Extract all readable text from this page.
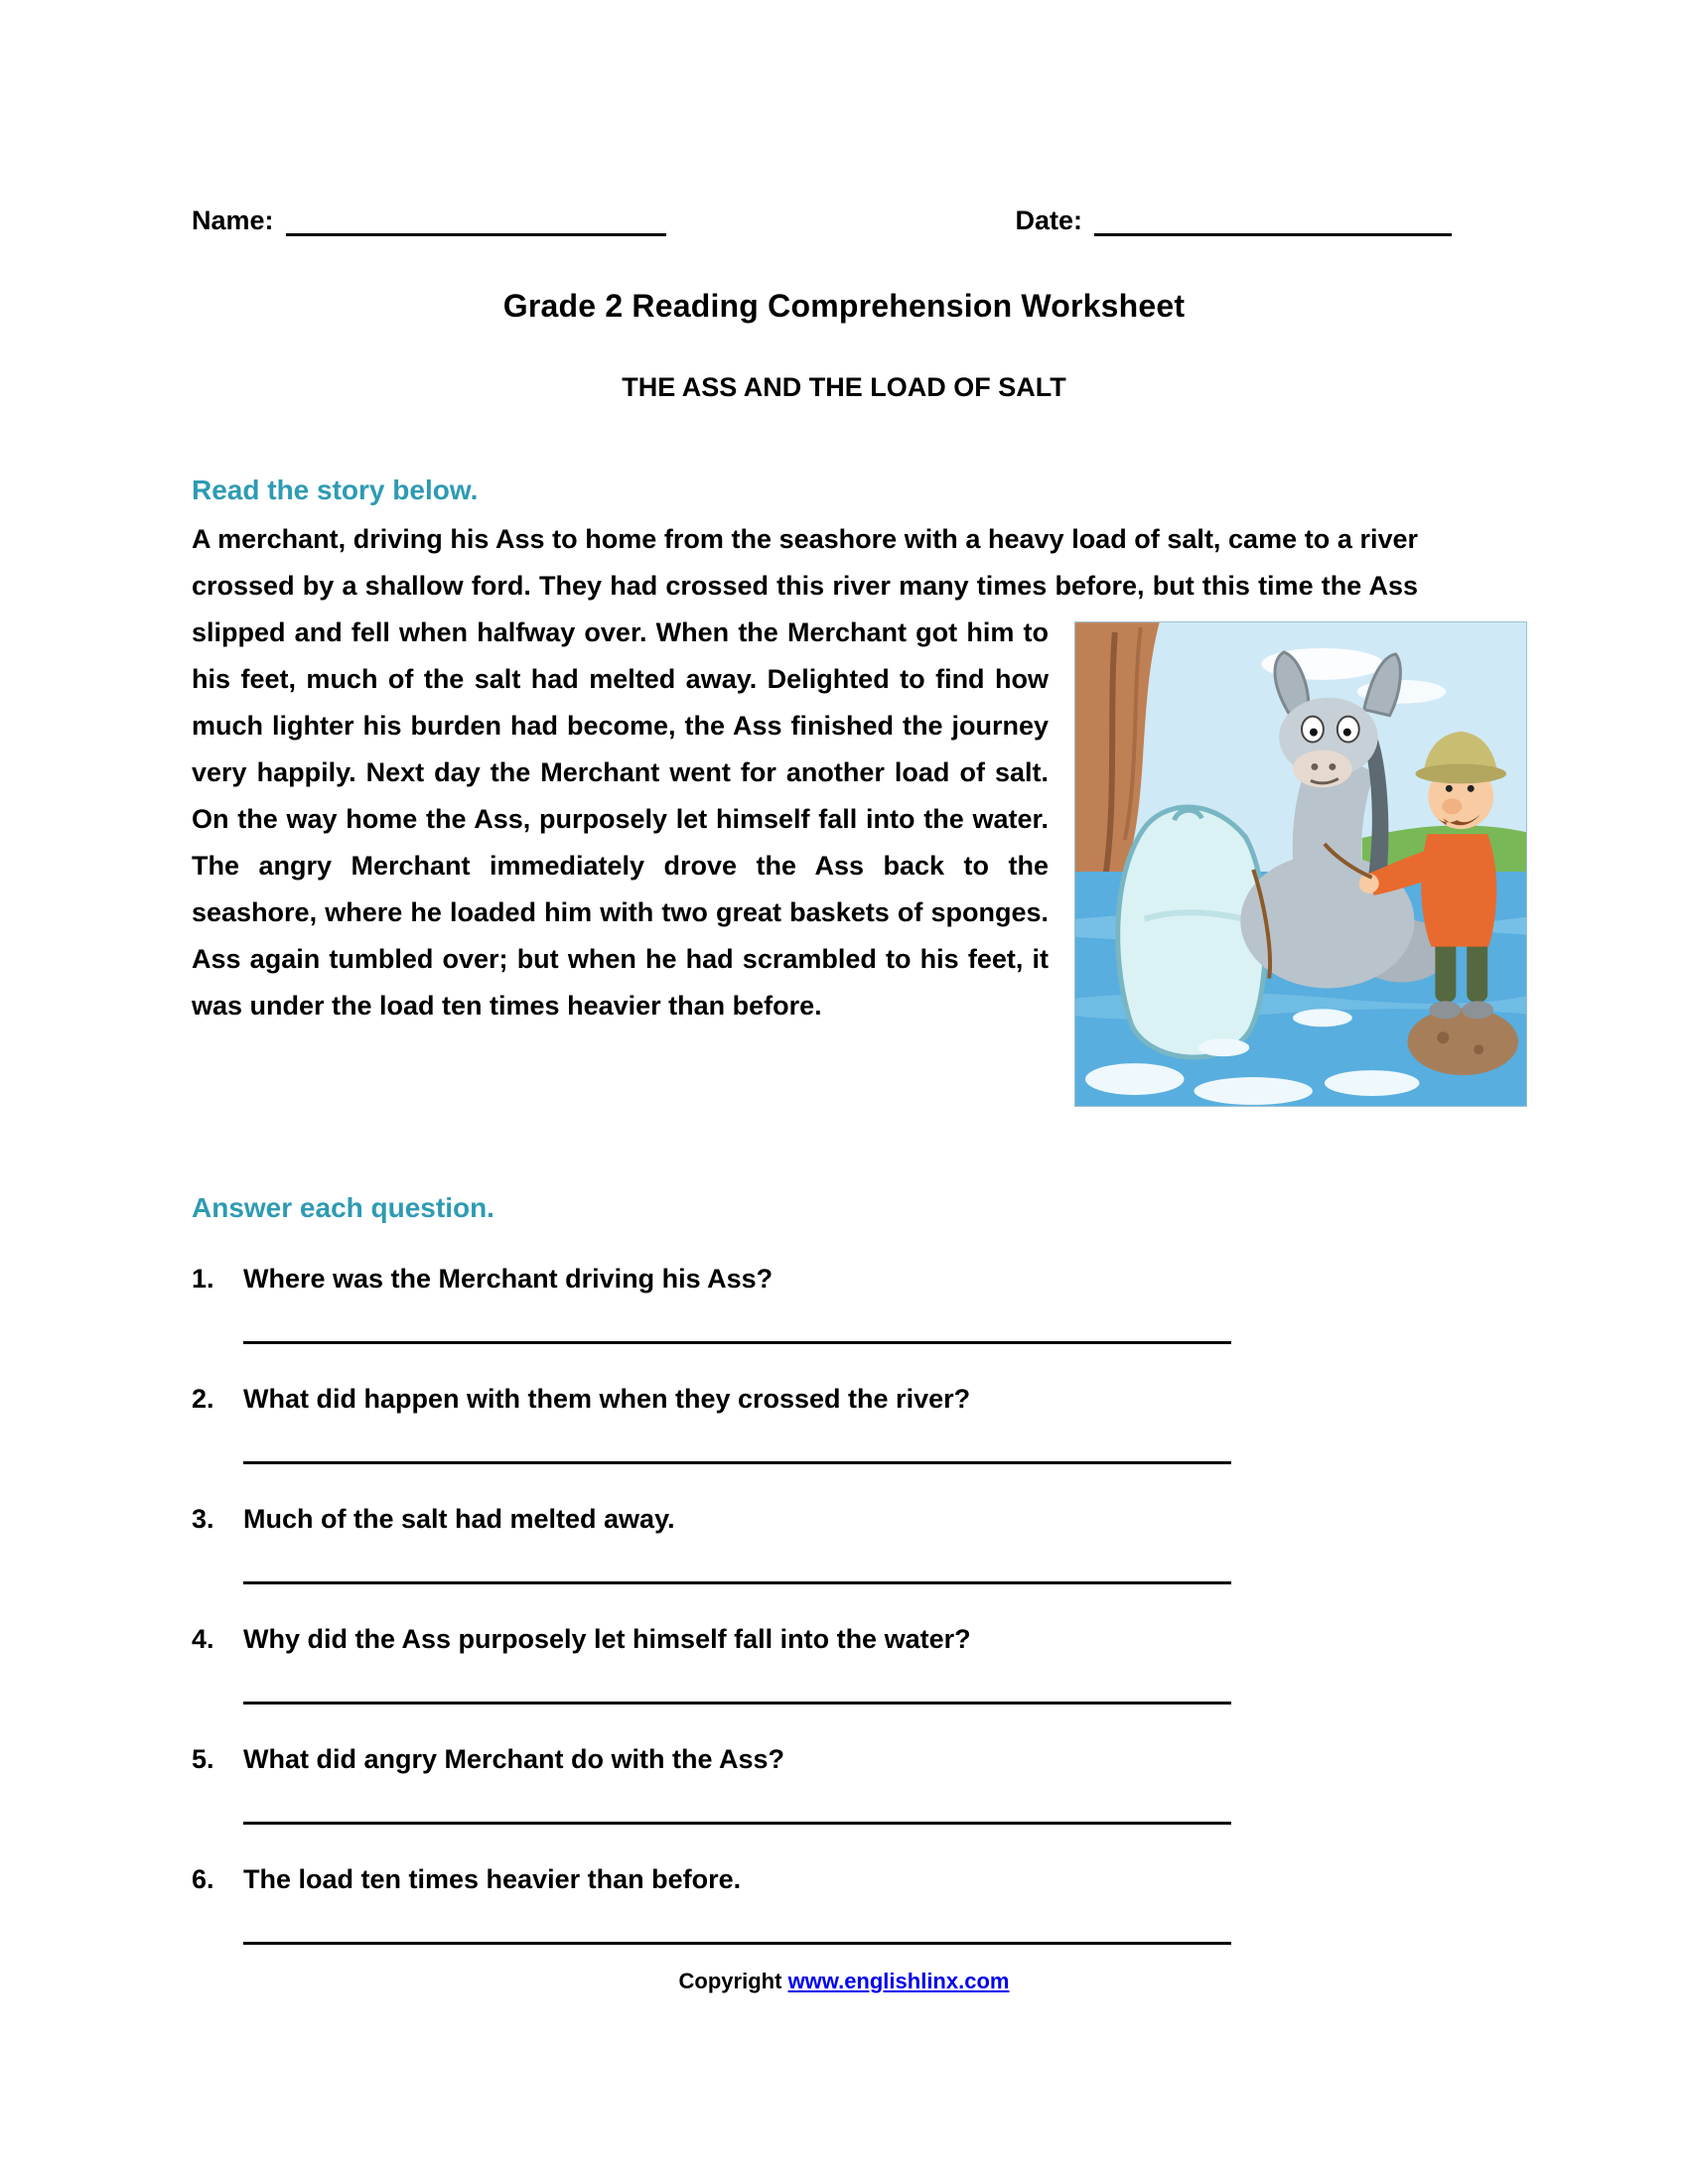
Name:	Date:
Grade 2 Reading Comprehension Worksheet
THE ASS AND THE LOAD OF SALT
Read the story below.
A merchant, driving his Ass to home from the seashore with a heavy load of salt, came to a river crossed by a shallow ford. They had crossed this river many times before, but this time the Ass slipped and fell when halfway over. When the Merchant got him to his feet, much of the salt had melted away. Delighted to find how much lighter his burden had become, the Ass finished the journey very happily. Next day the Merchant went for another load of salt. On the way home the Ass, purposely let himself fall into the water. The angry Merchant immediately drove the Ass back to the seashore, where he loaded him with two great baskets of sponges. Ass again tumbled over; but when he had scrambled to his feet, it was under the load ten times heavier than before.
Answer each question.
1.	Where was the Merchant driving his Ass?
2.	What did happen with them when they crossed the river?
3.	Much of the salt had melted away.
4.	Why did the Ass purposely let himself fall into the water?
5.	What did angry Merchant do with the Ass?
6.	The load ten times heavier than before.
Copyright www.englishlinx.com
